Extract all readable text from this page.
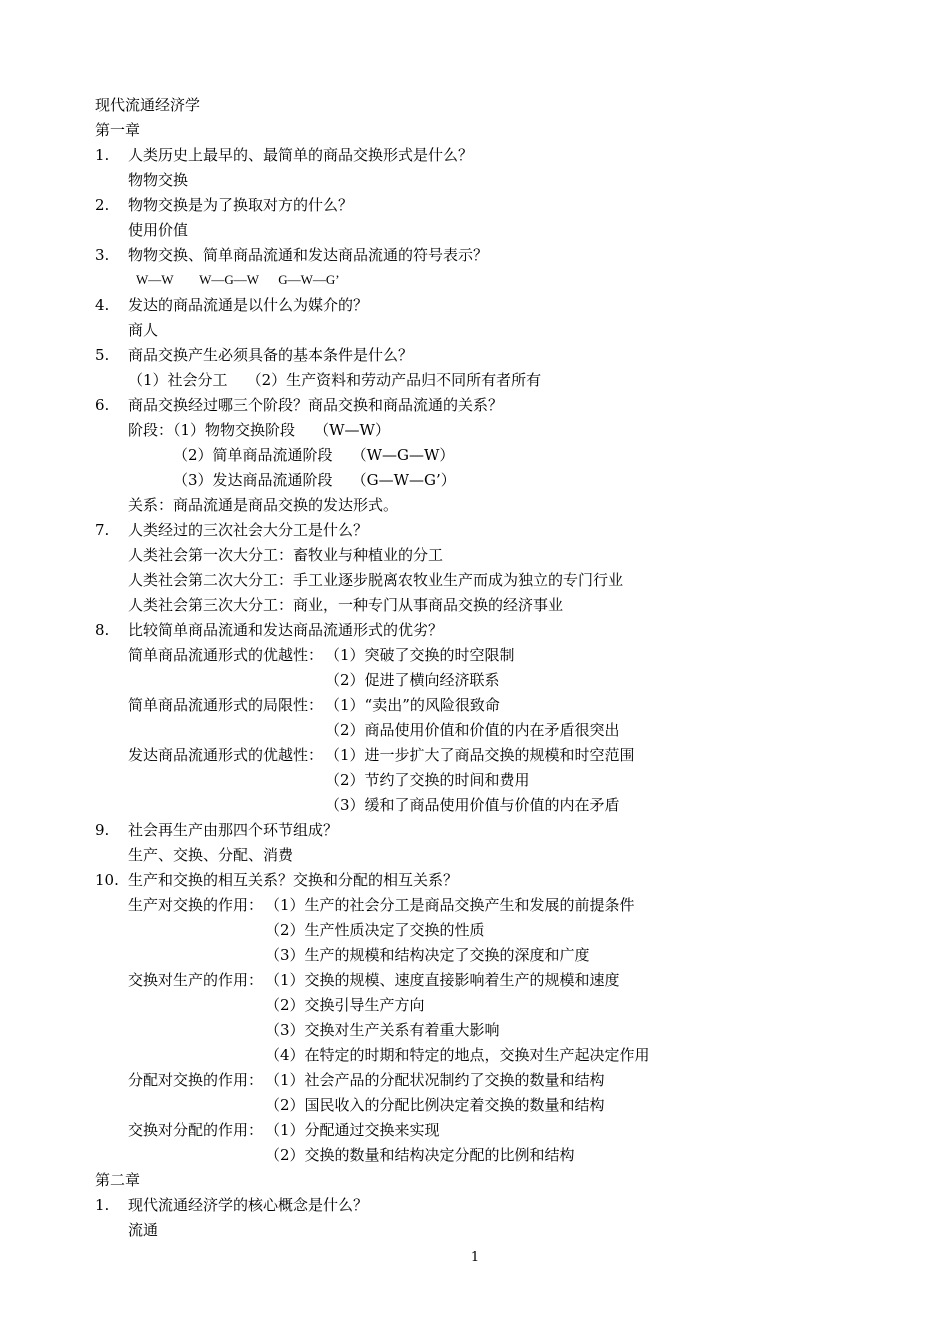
现代流通经济学
第一章
1. 人类历史上最早的、最简单的商品交换形式是什么？
物物交换
2. 物物交换是为了换取对方的什么？
使用价值
3. 物物交换、简单商品流通和发达商品流通的符号表示？
W—W        W—G—W      G—W—G’
4. 发达的商品流通是以什么为媒介的？
商人
5. 商品交换产生必须具备的基本条件是什么？
（1）社会分工    （2）生产资料和劳动产品归不同所有者所有
6. 商品交换经过哪三个阶段？商品交换和商品流通的关系？
阶段：（1）物物交换阶段    （W—W）
（2）简单商品流通阶段    （W—G—W）
（3）发达商品流通阶段    （G—W—G’）
关系：商品流通是商品交换的发达形式。
7. 人类经过的三次社会大分工是什么？
人类社会第一次大分工：畜牧业与种植业的分工
人类社会第二次大分工：手工业逐步脱离农牧业生产而成为独立的专门行业
人类社会第三次大分工：商业，一种专门从事商品交换的经济事业
8. 比较简单商品流通和发达商品流通形式的优劣？
简单商品流通形式的优越性： （1）突破了交换的时空限制
（2）促进了横向经济联系
简单商品流通形式的局限性： （1）“卖出”的风险很致命
（2）商品使用价值和价值的内在矛盾很突出
发达商品流通形式的优越性： （1）进一步扩大了商品交换的规模和时空范围
（2）节约了交换的时间和费用
（3）缓和了商品使用价值与价值的内在矛盾
9. 社会再生产由那四个环节组成？
生产、交换、分配、消费
10. 生产和交换的相互关系？交换和分配的相互关系？
生产对交换的作用： （1）生产的社会分工是商品交换产生和发展的前提条件
（2）生产性质决定了交换的性质
（3）生产的规模和结构决定了交换的深度和广度
交换对生产的作用： （1）交换的规模、速度直接影响着生产的规模和速度
（2）交换引导生产方向
（3）交换对生产关系有着重大影响
（4）在特定的时期和特定的地点，交换对生产起决定作用
分配对交换的作用： （1）社会产品的分配状况制约了交换的数量和结构
（2）国民收入的分配比例决定着交换的数量和结构
交换对分配的作用： （1）分配通过交换来实现
（2）交换的数量和结构决定分配的比例和结构
第二章
1. 现代流通经济学的核心概念是什么？
流通
1
